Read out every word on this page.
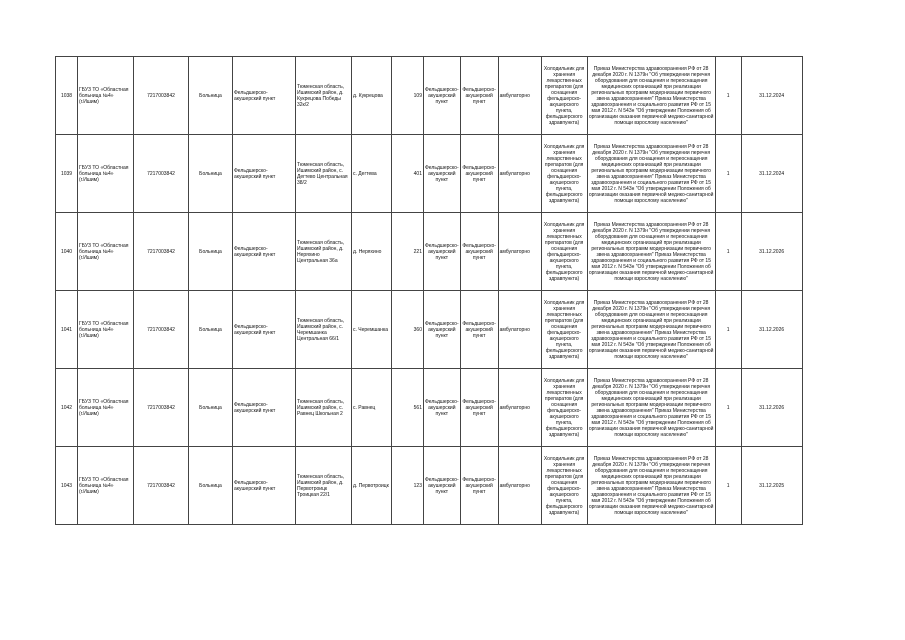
1038	ГБУЗ ТО «Областная больница №4» (г.Ишим)	7217003842	Больница	Фельдшерско-акушерский пункт	Тюменская область, Ишимский район, д. Кукрецова Победы 32к/2	д. Кукрецова	109	Фельдшерско-акушерский пункт	Фельдшерско-акушерский пункт	амбулаторно	Холодильник для хранения лекарственных препаратов (для оснащения фельдшерско-акушерского пункта, фельдшерского здравпункта)	Приказ Министерства здравоохранения РФ от 28 декабря 2020 г. N 1379н "Об утверждении перечня оборудования для оснащения и переоснащения медицинских организаций при реализации региональных программ модернизации первичного звена здравоохранения" Приказ Министерства здравоохранения и социального развития РФ от 15 мая 2012 г. N 543н "Об утверждении Положения об организации оказания первичной медико-санитарной помощи взрослому населению"	1	31.12.2024
1039	ГБУЗ ТО «Областная больница №4» (г.Ишим)	7217003842	Больница	Фельдшерско-акушерский пункт	Тюменская область, Ишимский район, с. Дегтево Центральная 38/2	с. Дегтева	401	Фельдшерско-акушерский пункт	Фельдшерско-акушерский пункт	амбулаторно	Холодильник для хранения лекарственных препаратов (для оснащения фельдшерско-акушерского пункта, фельдшерского здравпункта)	Приказ Министерства здравоохранения РФ от 28 декабря 2020 г. N 1379н "Об утверждении перечня оборудования для оснащения и переоснащения медицинских организаций при реализации региональных программ модернизации первичного звена здравоохранения" Приказ Министерства здравоохранения и социального развития РФ от 15 мая 2012 г. N 543н "Об утверждении Положения об организации оказания первичной медико-санитарной помощи взрослому населению"	1	31.12.2024
1040	ГБУЗ ТО «Областная больница №4» (г.Ишим)	7217003842	Больница	Фельдшерско-акушерский пункт	Тюменская область, Ишимский район, д. Неряхино Центральная 36а	д. Неряхино	221	Фельдшерско-акушерский пункт	Фельдшерско-акушерский пункт	амбулаторно	Холодильник для хранения лекарственных препаратов (для оснащения фельдшерско-акушерского пункта, фельдшерского здравпункта)	Приказ Министерства здравоохранения РФ от 28 декабря 2020 г. N 1379н "Об утверждении перечня оборудования для оснащения и переоснащения медицинских организаций при реализации региональных программ модернизации первичного звена здравоохранения" Приказ Министерства здравоохранения и социального развития РФ от 15 мая 2012 г. N 543н "Об утверждении Положения об организации оказания первичной медико-санитарной помощи взрослому населению"	1	31.12.2026
1041	ГБУЗ ТО «Областная больница №4» (г.Ишим)	7217003842	Больница	Фельдшерско-акушерский пункт	Тюменская область, Ишимский район, с. Черемшанка Центральная 66/1	с. Черемшанка	360	Фельдшерско-акушерский пункт	Фельдшерско-акушерский пункт	амбулаторно	Холодильник для хранения лекарственных препаратов (для оснащения фельдшерско-акушерского пункта, фельдшерского здравпункта)	Приказ Министерства здравоохранения РФ от 28 декабря 2020 г. N 1379н "Об утверждении перечня оборудования для оснащения и переоснащения медицинских организаций при реализации региональных программ модернизации первичного звена здравоохранения" Приказ Министерства здравоохранения и социального развития РФ от 15 мая 2012 г. N 543н "Об утверждении Положения об организации оказания первичной медико-санитарной помощи взрослому населению"	1	31.12.2026
1042	ГБУЗ ТО «Областная больница №4» (г.Ишим)	7217003842	Больница	Фельдшерско-акушерский пункт	Тюменская область, Ишимский район, с. Равнец Школьная 2	с. Равнец	561	Фельдшерско-акушерский пункт	Фельдшерско-акушерский пункт	амбулаторно	Холодильник для хранения лекарственных препаратов (для оснащения фельдшерско-акушерского пункта, фельдшерского здравпункта)	Приказ Министерства здравоохранения РФ от 28 декабря 2020 г. N 1379н "Об утверждении перечня оборудования для оснащения и переоснащения медицинских организаций при реализации региональных программ модернизации первичного звена здравоохранения" Приказ Министерства здравоохранения и социального развития РФ от 15 мая 2012 г. N 543н "Об утверждении Положения об организации оказания первичной медико-санитарной помощи взрослому населению"	1	31.12.2026
1043	ГБУЗ ТО «Областная больница №4» (г.Ишим)	7217003842	Больница	Фельдшерско-акушерский пункт	Тюменская область, Ишимский район, д. Первотроицк Троицкая 22/1	д. Первотроицк	123	Фельдшерско-акушерский пункт	Фельдшерско-акушерский пункт	амбулаторно	Холодильник для хранения лекарственных препаратов (для оснащения фельдшерско-акушерского пункта, фельдшерского здравпункта)	Приказ Министерства здравоохранения РФ от 28 декабря 2020 г. N 1379н "Об утверждении перечня оборудования для оснащения и переоснащения медицинских организаций при реализации региональных программ модернизации первичного звена здравоохранения" Приказ Министерства здравоохранения и социального развития РФ от 15 мая 2012 г. N 543н "Об утверждении Положения об организации оказания первичной медико-санитарной помощи взрослому населению"	1	31.12.2025
